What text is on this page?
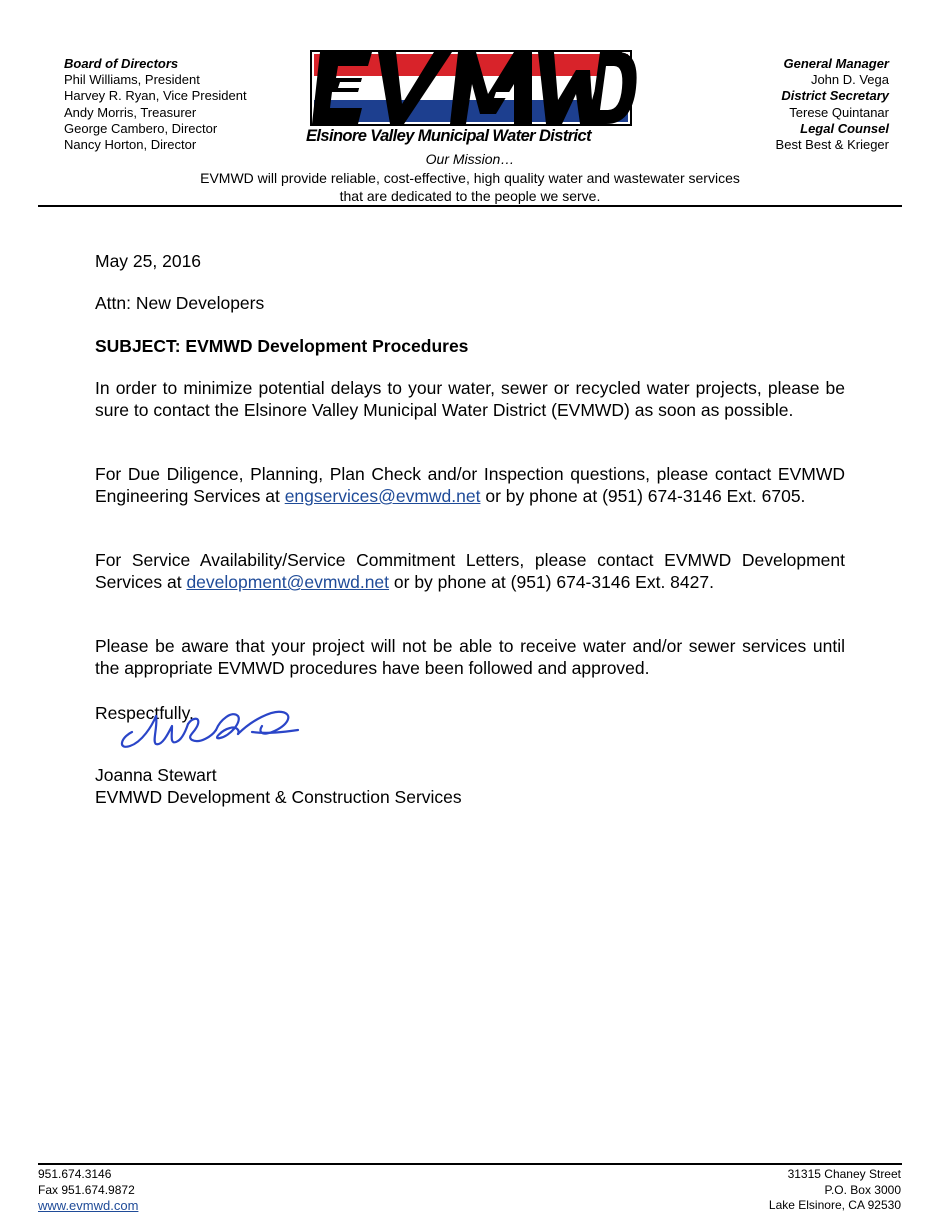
Board of Directors
Phil Williams, President
Harvey R. Ryan, Vice President
Andy Morris, Treasurer
George Cambero, Director
Nancy Horton, Director	Elsinore Valley Municipal Water District
General Manager
John D. Vega
District Secretary
Terese Quintanar
Legal Counsel
Best Best & Krieger
Our Mission…
EVMWD will provide reliable, cost-effective, high quality water and wastewater services
that are dedicated to the people we serve.
May 25, 2016
Attn: New Developers
SUBJECT: EVMWD Development Procedures
In order to minimize potential delays to your water, sewer or recycled water projects, please be sure to contact the Elsinore Valley Municipal Water District (EVMWD) as soon as possible.
For Due Diligence, Planning, Plan Check and/or Inspection questions, please contact EVMWD Engineering Services at engservices@evmwd.net or by phone at (951) 674-3146 Ext. 6705.
For Service Availability/Service Commitment Letters, please contact EVMWD Development Services at development@evmwd.net or by phone at (951) 674-3146 Ext. 8427.
Please be aware that your project will not be able to receive water and/or sewer services until the appropriate EVMWD procedures have been followed and approved.
Respectfully,
Joanna Stewart
EVMWD Development & Construction Services
951.674.3146
Fax 951.674.9872
www.evmwd.com
31315 Chaney Street
P.O. Box 3000
Lake Elsinore, CA 92530
